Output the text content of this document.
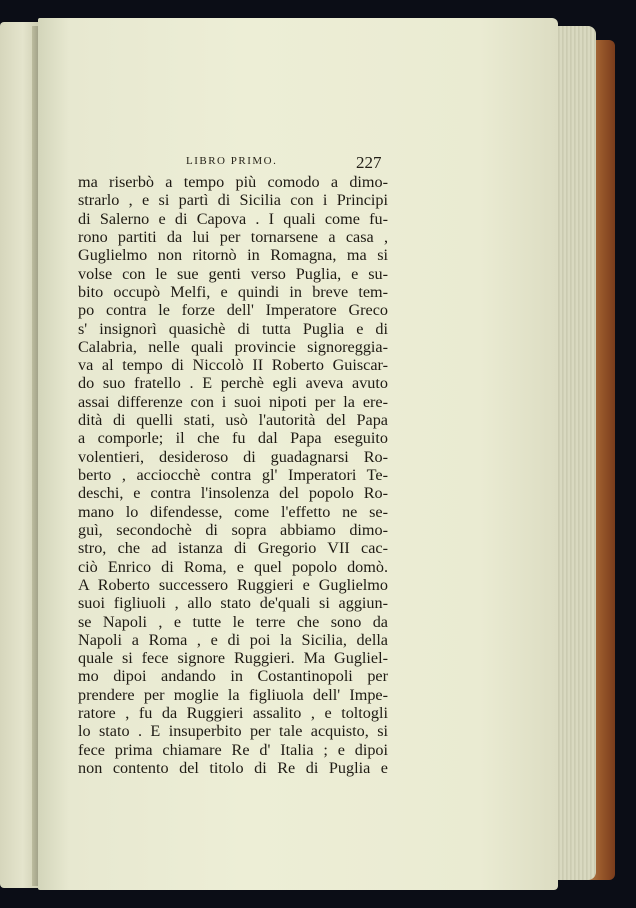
LIBRO PRIMO.	227
ma riserbò a tempo più comodo a dimo-
strarlo , e si partì di Sicilia con i Principi
di Salerno e di Capova . I quali come fu-
rono partiti da lui per tornarsene a casa ,
Guglielmo non ritornò in Romagna, ma si
volse con le sue genti verso Puglia, e su-
bito occupò Melfi, e quindi in breve tem-
po contra le forze dell' Imperatore Greco
s' insignorì quasichè di tutta Puglia e di
Calabria, nelle quali provincie signoreggia-
va al tempo di Niccolò II Roberto Guiscar-
do suo fratello . E perchè egli aveva avuto
assai differenze con i suoi nipoti per la ere-
dità di quelli stati, usò l'autorità del Papa
a comporle; il che fu dal Papa eseguito
volentieri, desideroso di guadagnarsi Ro-
berto , acciocchè contra gl' Imperatori Te-
deschi, e contra l'insolenza del popolo Ro-
mano lo difendesse, come l'effetto ne se-
guì, secondochè di sopra abbiamo dimo-
stro, che ad istanza di Gregorio VII cac-
ciò Enrico di Roma, e quel popolo domò.
A Roberto successero Ruggieri e Guglielmo
suoi figliuoli , allo stato de'quali si aggiun-
se Napoli , e tutte le terre che sono da
Napoli a Roma , e di poi la Sicilia, della
quale si fece signore Ruggieri. Ma Gugliel-
mo dipoi andando in Costantinopoli per
prendere per moglie la figliuola dell' Impe-
ratore , fu da Ruggieri assalito , e toltogli
lo stato . E insuperbito per tale acquisto, si
fece prima chiamare Re d' Italia ; e dipoi
non contento del titolo di Re di Puglia e
